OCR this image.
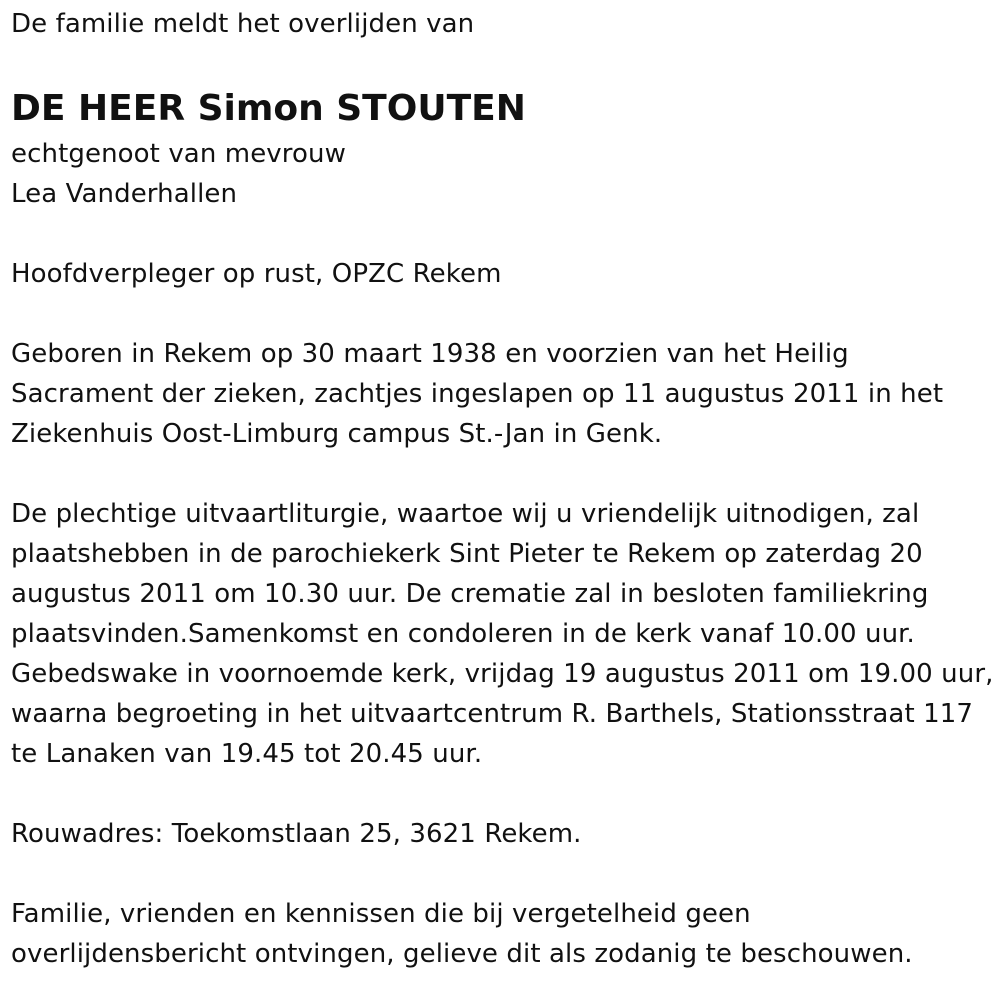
De familie meldt het overlijden van
DE HEER Simon STOUTEN
echtgenoot van mevrouw
Lea Vanderhallen
Hoofdverpleger op rust, OPZC Rekem
Geboren in Rekem op 30 maart 1938 en voorzien van het Heilig
Sacrament der zieken, zachtjes ingeslapen op 11 augustus 2011 in het
Ziekenhuis Oost-Limburg campus St.-Jan in Genk.
De plechtige uitvaartliturgie, waartoe wij u vriendelijk uitnodigen, zal
plaatshebben in de parochiekerk Sint Pieter te Rekem op zaterdag 20
augustus 2011 om 10.30 uur. De crematie zal in besloten familiekring
plaatsvinden.Samenkomst en condoleren in de kerk vanaf 10.00 uur.
Gebedswake in voornoemde kerk, vrijdag 19 augustus 2011 om 19.00 uur,
waarna begroeting in het uitvaartcentrum R. Barthels, Stationsstraat 117
te Lanaken van 19.45 tot 20.45 uur.
Rouwadres: Toekomstlaan 25, 3621 Rekem.
Familie, vrienden en kennissen die bij vergetelheid geen
overlijdensbericht ontvingen, gelieve dit als zodanig te beschouwen.
